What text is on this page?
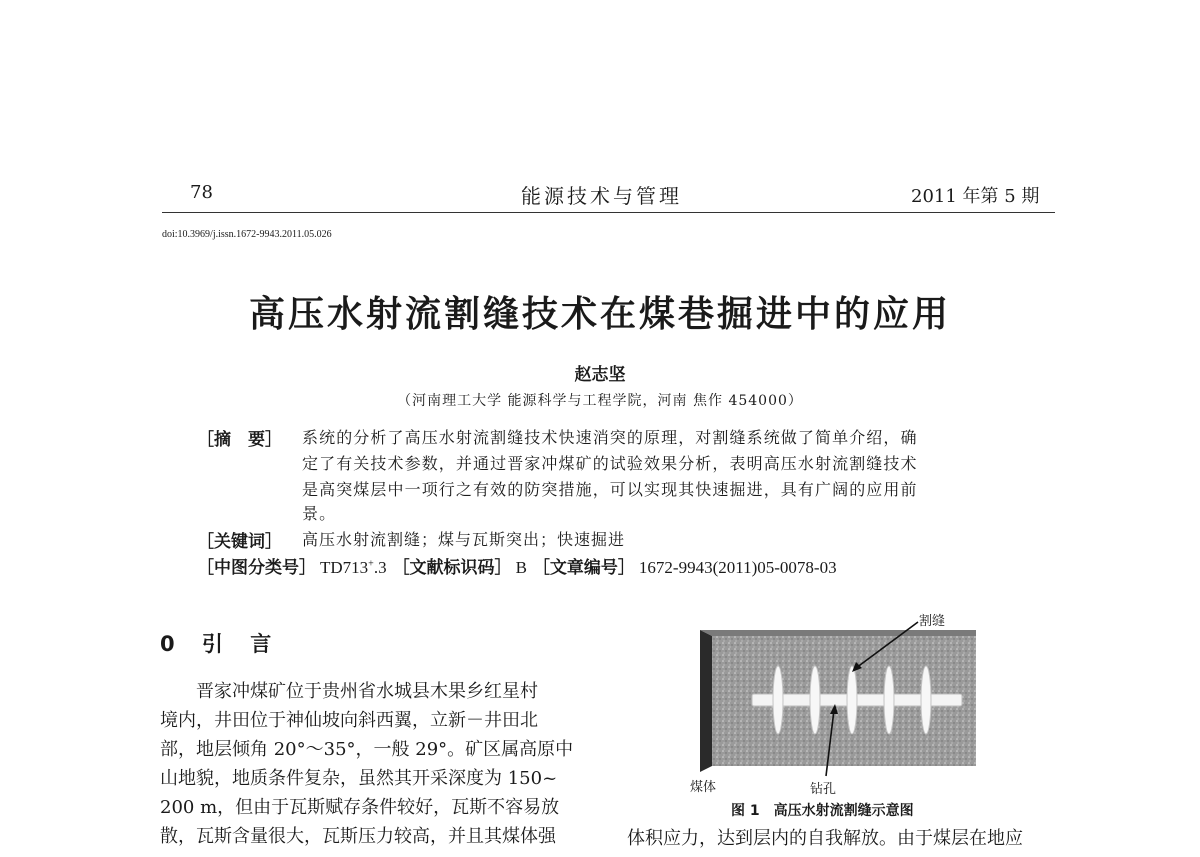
78	能源技术与管理	2011 年第 5 期
doi:10.3969/j.issn.1672-9943.2011.05.026
高压水射流割缝技术在煤巷掘进中的应用
赵志坚
（河南理工大学 能源科学与工程学院，河南 焦作 454000）
［摘　要］ 系统的分析了高压水射流割缝技术快速消突的原理，对割缝系统做了简单介绍，确
定了有关技术参数，并通过晋家冲煤矿的试验效果分析，表明高压水射流割缝技术
是高突煤层中一项行之有效的防突措施，可以实现其快速掘进，具有广阔的应用前
景。
［关键词］ 高压水射流割缝；煤与瓦斯突出；快速掘进
［中图分类号］ TD713+.3 ［文献标识码］ B ［文章编号］ 1672-9943(2011)05-0078-03
0 引 言
　　晋家冲煤矿位于贵州省水城县木果乡红星村
境内，井田位于神仙坡向斜西翼，立新－井田北
部，地层倾角 20°～35°，一般 29°。矿区属高原中
山地貌，地质条件复杂，虽然其开采深度为 150~
200 m，但由于瓦斯赋存条件较好，瓦斯不容易放
散，瓦斯含量很大，瓦斯压力较高，并且其煤体强	体积应力，达到层内的自我解放。由于煤层在地应
割缝
煤体	钻孔
图 1　高压水射流割缝示意图
